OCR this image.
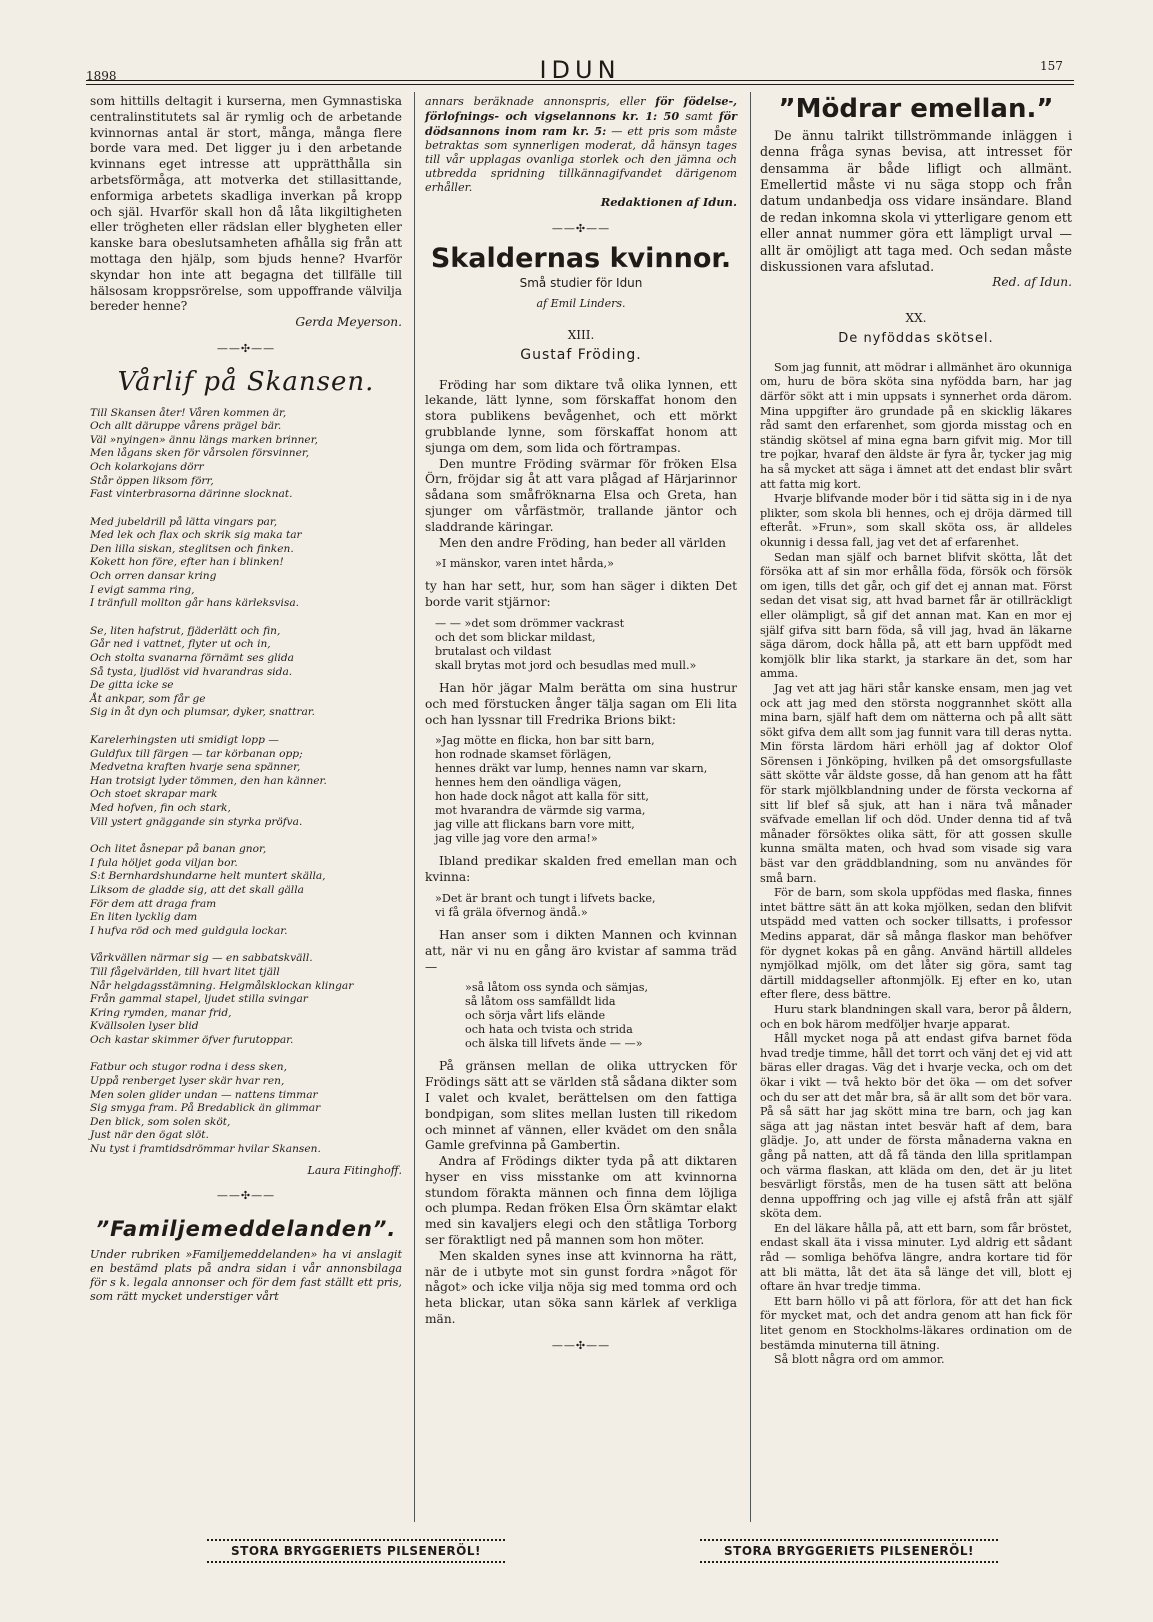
1898	IDUN	157

som hittills deltagit i kurserna, men Gymnastiska centralinstitutets sal är rymlig och de arbetande kvinnornas antal är stort, många, många flere borde vara med. Det ligger ju i den arbetande kvinnans eget intresse att upprätthålla sin arbetsförmåga, att motverka det stillasittande, enformiga arbetets skadliga inverkan på kropp och själ. Hvarför skall hon då låta likgiltigheten eller trögheten eller rädslan eller blygheten eller kanske bara obeslutsamheten afhålla sig från att mottaga den hjälp, som bjuds henne? Hvarför skyndar hon inte att begagna det tillfälle till hälsosam kroppsrörelse, som uppoffrande välvilja bereder henne?

Gerda Meyerson.
——✣——
Vårlif på Skansen.
Till Skansen åter! Våren kommen är,
Och allt däruppe vårens prägel bär.
Väl »nyingen» ännu längs marken brinner,
Men lågans sken för vårsolen försvinner,
Och kolarkojans dörr
Står öppen liksom förr,
Fast vinterbrasorna därinne slocknat.
Med jubeldrill på lätta vingars par,
Med lek och flax och skrik sig maka tar
Den lilla siskan, steglitsen och finken.
Kokett hon före, efter han i blinken!
Och orren dansar kring
I evigt samma ring,
I tränfull mollton går hans kärleksvisa.
Se, liten hafstrut, fjäderlätt och fin,
Går ned i vattnet, flyter ut och in,
Och stolta svanarna förnämt ses glida
Så tysta, ljudlöst vid hvarandras sida.
De gitta icke se
Åt ankpar, som får ge
Sig in åt dyn och plumsar, dyker, snattrar.
Karelerhingsten uti smidigt lopp —
Guldfux till färgen — tar körbanan opp;
Medvetna kraften hvarje sena spänner,
Han trotsigt lyder tömmen, den han känner.
Och stoet skrapar mark
Med hofven, fin och stark,
Vill ystert gnäggande sin styrka pröfva.
Och litet åsnepar på banan gnor,
I fula höljet goda viljan bor.
S:t Bernhardshundarne helt muntert skälla,
Liksom de gladde sig, att det skall gälla
För dem att draga fram
En liten lycklig dam
I hufva röd och med guldgula lockar.
Vårkvällen närmar sig — en sabbatskväll.
Till fågelvärlden, till hvart litet tjäll
Når helgdagsstämning. Helgmålsklockan klingar
Från gammal stapel, ljudet stilla svingar
Kring rymden, manar frid,
Kvällsolen lyser blid
Och kastar skimmer öfver furutoppar.
Fatbur och stugor rodna i dess sken,
Uppå renberget lyser skär hvar ren,
Men solen glider undan — nattens timmar
Sig smyga fram. På Bredablick än glimmar
Den blick, som solen sköt,
Just när den ögat slöt.
Nu tyst i framtidsdrömmar hvilar Skansen.
Laura Fitinghoff.
——✣——
”Familjemeddelanden”.

Under rubriken »Familjemeddelanden» ha vi anslagit en bestämd plats på andra sidan i vår annonsbilaga för s k. legala annonser och för dem fast ställt ett pris, som rätt mycket understiger vårt

annars beräknade annonspris, eller för födelse-, förlofnings- och vigselannons kr. 1: 50 samt för dödsannons inom ram kr. 5: — ett pris som måste betraktas som synnerligen moderat, då hänsyn tages till vår upplagas ovanliga storlek och den jämna och utbredda spridning tillkännagifvandet därigenom erhåller.

Redaktionen af Idun.
——✣——
Skaldernas kvinnor.
Små studier för Idun
af Emil Linders.
XIII.
Gustaf Fröding.

Fröding har som diktare två olika lynnen, ett lekande, lätt lynne, som förskaffat honom den stora publikens bevågenhet, och ett mörkt grubblande lynne, som förskaffat honom att sjunga om dem, som lida och förtrampas.

Den muntre Fröding svärmar för fröken Elsa Örn, fröjdar sig åt att vara plågad af Härjarinnor sådana som småfröknarna Elsa och Greta, han sjunger om vårfästmör, trallande jäntor och sladdrande käringar.

Men den andre Fröding, han beder all världen

»I mänskor, varen intet hårda,»

ty han har sett, hur, som han säger i dikten Det borde varit stjärnor:

— — »det som drömmer vackrast
och det som blickar mildast,
brutalast och vildast
skall brytas mot jord och besudlas med mull.»

Han hör jägar Malm berätta om sina hustrur och med förstucken ånger tälja sagan om Eli lita och han lyssnar till Fredrika Brions bikt:

»Jag mötte en flicka, hon bar sitt barn,
hon rodnade skamset förlägen,
hennes dräkt var lump, hennes namn var skarn,
hennes hem den oändliga vägen,
hon hade dock något att kalla för sitt,
mot hvarandra de värmde sig varma,
jag ville att flickans barn vore mitt,
jag ville jag vore den arma!»

Ibland predikar skalden fred emellan man och kvinna:

»Det är brant och tungt i lifvets backe,
vi få gräla öfvernog ändå.»

Han anser som i dikten Mannen och kvinnan att, när vi nu en gång äro kvistar af samma träd —

»så låtom oss synda och sämjas,
så låtom oss samfälldt lida
och sörja vårt lifs elände
och hata och tvista och strida
och älska till lifvets ände — —»

På gränsen mellan de olika uttrycken för Frödings sätt att se världen stå sådana dikter som I valet och kvalet, berättelsen om den fattiga bondpigan, som slites mellan lusten till rikedom och minnet af vännen, eller kvädet om den snåla Gamle grefvinna på Gambertin.

Andra af Frödings dikter tyda på att diktaren hyser en viss misstanke om att kvinnorna stundom förakta männen och finna dem löjliga och plumpa. Redan fröken Elsa Örn skämtar elakt med sin kavaljers elegi och den ståtliga Torborg ser föraktligt ned på mannen som hon möter.

Men skalden synes inse att kvinnorna ha rätt, när de i utbyte mot sin gunst fordra »något för något» och icke vilja nöja sig med tomma ord och heta blickar, utan söka sann kärlek af verkliga män.

——✣——
”Mödrar emellan.”

De ännu talrikt tillströmmande inläggen i denna fråga synas bevisa, att intresset för densamma är både lifligt och allmänt. Emellertid måste vi nu säga stopp och från datum undanbedja oss vidare insändare. Bland de redan inkomna skola vi ytterligare genom ett eller annat nummer göra ett lämpligt urval — allt är omöjligt att taga med. Och sedan måste diskussionen vara afslutad.

Red. af Idun.
XX.
De nyföddas skötsel.

Som jag funnit, att mödrar i allmänhet äro okunniga om, huru de böra sköta sina nyfödda barn, har jag därför sökt att i min uppsats i synnerhet orda därom. Mina uppgifter äro grundade på en skicklig läkares råd samt den erfarenhet, som gjorda misstag och en ständig skötsel af mina egna barn gifvit mig. Mor till tre pojkar, hvaraf den äldste är fyra år, tycker jag mig ha så mycket att säga i ämnet att det endast blir svårt att fatta mig kort.

Hvarje blifvande moder bör i tid sätta sig in i de nya plikter, som skola bli hennes, och ej dröja därmed till efteråt. »Frun», som skall sköta oss, är alldeles okunnig i dessa fall, jag vet det af erfarenhet.

Sedan man själf och barnet blifvit skötta, låt det försöka att af sin mor erhålla föda, försök och försök om igen, tills det går, och gif det ej annan mat. Först sedan det visat sig, att hvad barnet får är otillräckligt eller olämpligt, så gif det annan mat. Kan en mor ej själf gifva sitt barn föda, så vill jag, hvad än läkarne säga därom, dock hålla på, att ett barn uppfödt med komjölk blir lika starkt, ja starkare än det, som har amma.

Jag vet att jag häri står kanske ensam, men jag vet ock att jag med den största noggrannhet skött alla mina barn, själf haft dem om nätterna och på allt sätt sökt gifva dem allt som jag funnit vara till deras nytta. Min första lärdom häri erhöll jag af doktor Olof Sörensen i Jönköping, hvilken på det omsorgsfullaste sätt skötte vår äldste gosse, då han genom att ha fått för stark mjölkblandning under de första veckorna af sitt lif blef så sjuk, att han i nära två månader sväfvade emellan lif och död. Under denna tid af två månader försöktes olika sätt, för att gossen skulle kunna smälta maten, och hvad som visade sig vara bäst var den gräddblandning, som nu användes för små barn.

För de barn, som skola uppfödas med flaska, finnes intet bättre sätt än att koka mjölken, sedan den blifvit utspädd med vatten och socker tillsatts, i professor Medins apparat, där så många flaskor man behöfver för dygnet kokas på en gång. Använd härtill alldeles nymjölkad mjölk, om det låter sig göra, samt tag därtill middagseller aftonmjölk. Ej efter en ko, utan efter flere, dess bättre.

Huru stark blandningen skall vara, beror på åldern, och en bok härom medföljer hvarje apparat.

Håll mycket noga på att endast gifva barnet föda hvad tredje timme, håll det torrt och vänj det ej vid att bäras eller dragas. Väg det i hvarje vecka, och om det ökar i vikt — två hekto bör det öka — om det sofver och du ser att det mår bra, så är allt som det bör vara. På så sätt har jag skött mina tre barn, och jag kan säga att jag nästan intet besvär haft af dem, bara glädje. Jo, att under de första månaderna vakna en gång på natten, att då få tända den lilla spritlampan och värma flaskan, att kläda om den, det är ju litet besvärligt förstås, men de ha tusen sätt att belöna denna uppoffring och jag ville ej afstå från att själf sköta dem.

En del läkare hålla på, att ett barn, som får bröstet, endast skall äta i vissa minuter. Lyd aldrig ett sådant råd — somliga behöfva längre, andra kortare tid för att bli mätta, låt det äta så länge det vill, blott ej oftare än hvar tredje timma.

Ett barn höllo vi på att förlora, för att det han fick för mycket mat, och det andra genom att han fick för litet genom en Stockholms-läkares ordination om de bestämda minuterna till ätning.

Så blott några ord om ammor.

STORA BRYGGERIETS PILSENERÖL!	STORA BRYGGERIETS PILSENERÖL!
